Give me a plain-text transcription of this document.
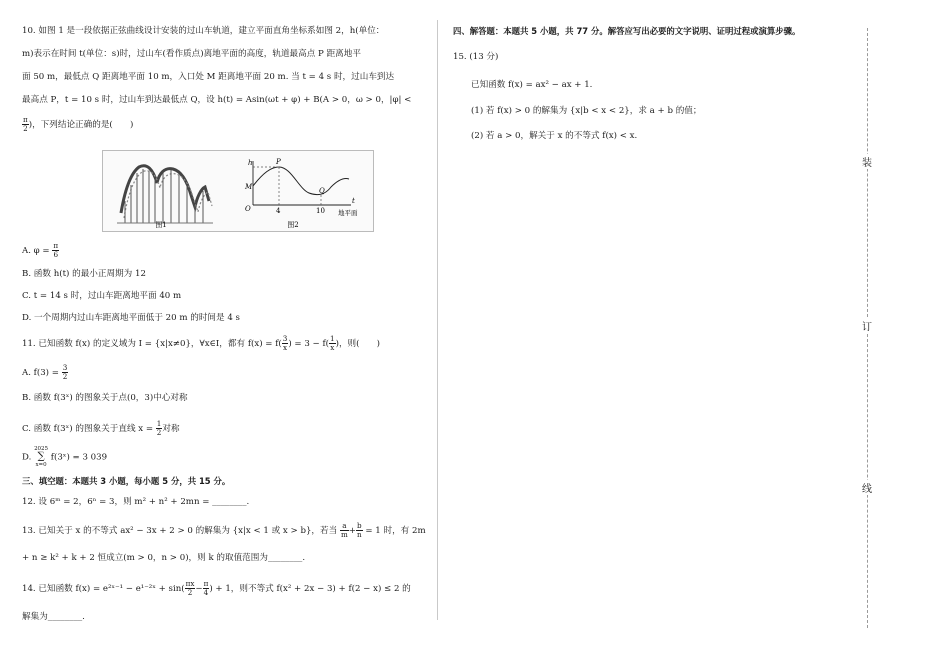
10. 如图 1 是一段依据正弦曲线设计安装的过山车轨道，建立平面直角坐标系如图 2，h(单位：
m)表示在时间 t(单位：s)时，过山车(看作质点)离地平面的高度，轨道最高点 P 距离地平
面 50 m，最低点 Q 距离地平面 10 m，入口处 M 距离地平面 20 m. 当 t = 4 s 时，过山车到达
最高点 P，t = 10 s 时，过山车到达最低点 Q，设 h(t) = Asin(ωt + φ) + B(A > 0，ω > 0，|φ| <
$\frac{\pi}{2}$ )，下列结论正确的是(　　)
h	P
M
O
Q
4	10
t
地平面
图1	图2
A. $\varphi = \frac{\pi}{6}$
B. 函数 h(t) 的最小正周期为 12
C. t = 14 s 时，过山车距离地平面 40 m
D. 一个周期内过山车距离地平面低于 20 m 的时间是 4 s
11. 已知函数 f(x) 的定义域为 I = {x|x≠0}，∀x∈I，都有 $f(x) = f( \frac{3}{x}$ ) = $3 - f( \frac{1}{x}$ )，则(　　)
A. $f(3) = \frac{3}{2}$
B. 函数 f(3ˣ) 的图象关于点(0，3)中心对称
C. 函数 f(3ˣ) 的图象关于直线 $x = \frac{1}{2}$ 对称
D.
2025
∑
x=0
f(3ˣ) = 3 039
三、填空题：本题共 3 小题，每小题 5 分，共 15 分。
12. 设 6ᵐ = 2，6ⁿ = 3，则 m² + n² + 2mn = ________.
13. 已知关于 x 的不等式 ax² − 3x + 2 > 0 的解集为 {x|x < 1 或 x > b}，若当 $\frac{a}{m} + \frac{b}{n} = 1$ 时，有 2m
+ n ≥ k² + k + 2 恒成立(m > 0，n > 0)，则 k 的取值范围为________.
14. 已知函数 f(x) = e²ˣ⁻¹ − e¹⁻²ˣ + $\sin( \frac{\pi x}{2} - \frac{\pi}{4}$ ) + 1，则不等式 f(x² + 2x − 3) + f(2 − x) ≤ 2 的
解集为________.
四、解答题：本题共 5 小题，共 77 分。解答应写出必要的文字说明、证明过程或演算步骤。
15. (13 分)
已知函数 f(x) = ax² − ax + 1.
(1) 若 f(x) > 0 的解集为 {x|b < x < 2}，求 a + b 的值；
(2) 若 a > 0，解关于 x 的不等式 f(x) < x.
装
订
线
